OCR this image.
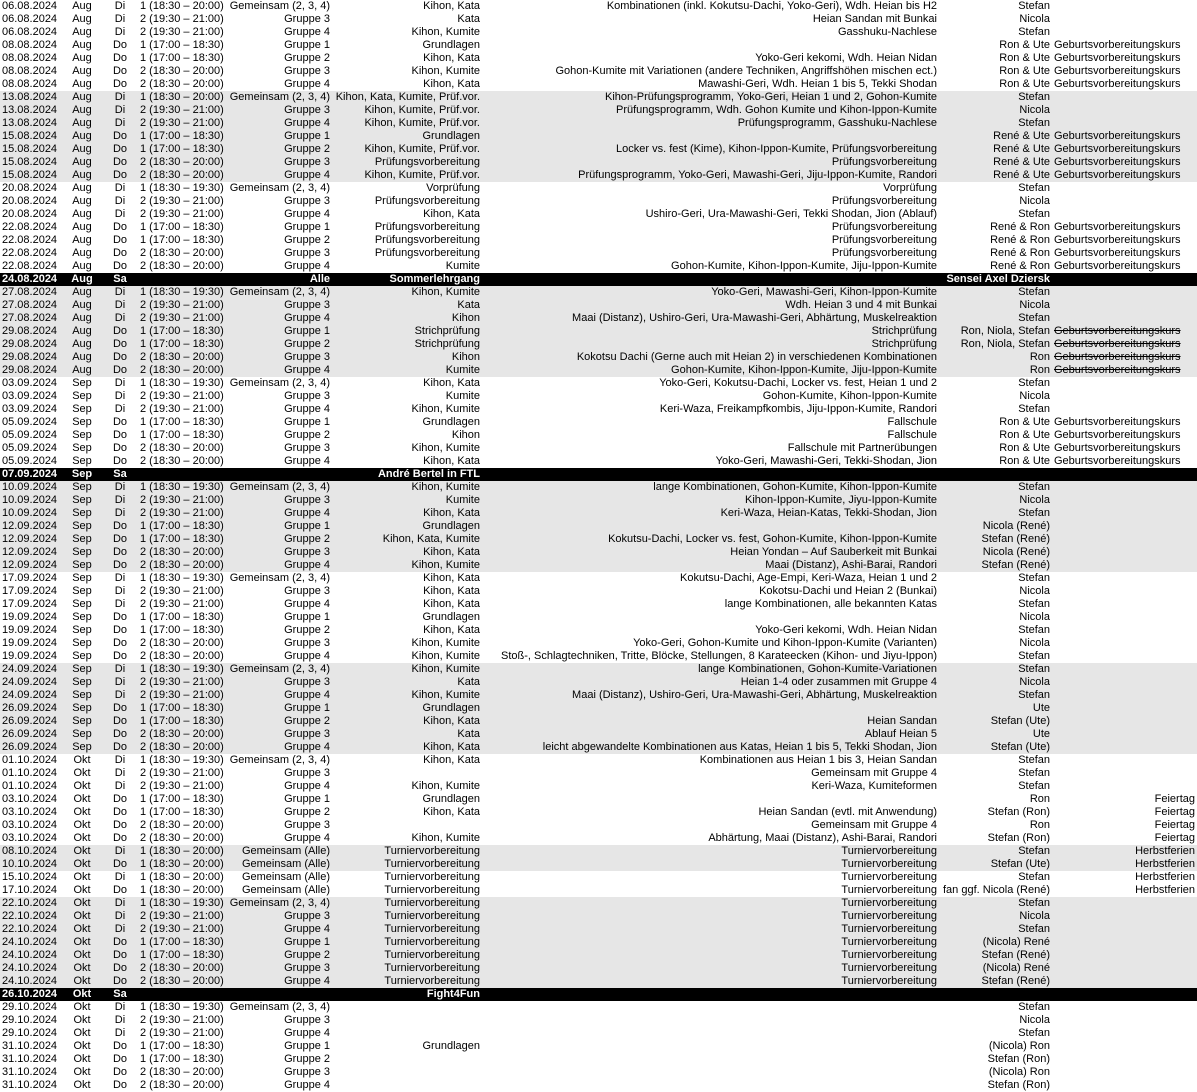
06.08.2024	Aug	Di	1 (18:30 – 20:00)	Gemeinsam (2, 3, 4)	Kihon, Kata	Kombinationen (inkl. Kokutsu-Dachi, Yoko-Geri), Wdh. Heian bis H2	Stefan	
06.08.2024	Aug	Di	2 (19:30 – 21:00)	Gruppe 3	Kata	Heian Sandan mit Bunkai	Nicola	
06.08.2024	Aug	Di	2 (19:30 – 21:00)	Gruppe 4	Kihon, Kumite	Gasshuku-Nachlese	Stefan	
08.08.2024	Aug	Do	1 (17:00 – 18:30)	Gruppe 1	Grundlagen		Ron & Ute	Geburtsvorbereitungskurs
08.08.2024	Aug	Do	1 (17:00 – 18:30)	Gruppe 2	Kihon, Kata	Yoko-Geri kekomi, Wdh. Heian Nidan	Ron & Ute	Geburtsvorbereitungskurs
08.08.2024	Aug	Do	2 (18:30 – 20:00)	Gruppe 3	Kihon, Kumite	Gohon-Kumite mit Variationen (andere Techniken, Angriffshöhen mischen ect.)	Ron & Ute	Geburtsvorbereitungskurs
08.08.2024	Aug	Do	2 (18:30 – 20:00)	Gruppe 4	Kihon, Kata	Mawashi-Geri, Wdh. Heian 1 bis 5, Tekki Shodan	Ron & Ute	Geburtsvorbereitungskurs
13.08.2024	Aug	Di	1 (18:30 – 20:00)	Gemeinsam (2, 3, 4)	Kihon, Kata, Kumite, Prüf.vor.	Kihon-Prüfungsprogramm, Yoko-Geri, Heian 1 und 2, Gohon-Kumite	Stefan	
13.08.2024	Aug	Di	2 (19:30 – 21:00)	Gruppe 3	Kihon, Kumite, Prüf.vor.	Prüfungsprogramm, Wdh. Gohon Kumite und Kihon-Ippon-Kumite	Nicola	
13.08.2024	Aug	Di	2 (19:30 – 21:00)	Gruppe 4	Kihon, Kumite, Prüf.vor.	Prüfungsprogramm, Gasshuku-Nachlese	Stefan	
15.08.2024	Aug	Do	1 (17:00 – 18:30)	Gruppe 1	Grundlagen		René & Ute	Geburtsvorbereitungskurs
15.08.2024	Aug	Do	1 (17:00 – 18:30)	Gruppe 2	Kihon, Kumite, Prüf.vor.	Locker vs. fest (Kime), Kihon-Ippon-Kumite, Prüfungsvorbereitung	René & Ute	Geburtsvorbereitungskurs
15.08.2024	Aug	Do	2 (18:30 – 20:00)	Gruppe 3	Prüfungsvorbereitung	Prüfungsvorbereitung	René & Ute	Geburtsvorbereitungskurs
15.08.2024	Aug	Do	2 (18:30 – 20:00)	Gruppe 4	Kihon, Kumite, Prüf.vor.	Prüfungsprogramm, Yoko-Geri, Mawashi-Geri, Jiju-Ippon-Kumite, Randori	René & Ute	Geburtsvorbereitungskurs
20.08.2024	Aug	Di	1 (18:30 – 19:30)	Gemeinsam (2, 3, 4)	Vorprüfung	Vorprüfung	Stefan	
20.08.2024	Aug	Di	2 (19:30 – 21:00)	Gruppe 3	Prüfungsvorbereitung	Prüfungsvorbereitung	Nicola	
20.08.2024	Aug	Di	2 (19:30 – 21:00)	Gruppe 4	Kihon, Kata	Ushiro-Geri, Ura-Mawashi-Geri, Tekki Shodan, Jion (Ablauf)	Stefan	
22.08.2024	Aug	Do	1 (17:00 – 18:30)	Gruppe 1	Prüfungsvorbereitung	Prüfungsvorbereitung	René & Ron	Geburtsvorbereitungskurs
22.08.2024	Aug	Do	1 (17:00 – 18:30)	Gruppe 2	Prüfungsvorbereitung	Prüfungsvorbereitung	René & Ron	Geburtsvorbereitungskurs
22.08.2024	Aug	Do	2 (18:30 – 20:00)	Gruppe 3	Prüfungsvorbereitung	Prüfungsvorbereitung	René & Ron	Geburtsvorbereitungskurs
22.08.2024	Aug	Do	2 (18:30 – 20:00)	Gruppe 4	Kumite	Gohon-Kumite, Kihon-Ippon-Kumite, Jiju-Ippon-Kumite	René & Ron	Geburtsvorbereitungskurs
24.08.2024	Aug	Sa		Alle	Sommerlehrgang		Sensei Axel Dziersk	
27.08.2024	Aug	Di	1 (18:30 – 19:30)	Gemeinsam (2, 3, 4)	Kihon, Kumite	Yoko-Geri, Mawashi-Geri, Kihon-Ippon-Kumite	Stefan	
27.08.2024	Aug	Di	2 (19:30 – 21:00)	Gruppe 3	Kata	Wdh. Heian 3 und 4 mit Bunkai	Nicola	
27.08.2024	Aug	Di	2 (19:30 – 21:00)	Gruppe 4	Kihon	Maai (Distanz), Ushiro-Geri, Ura-Mawashi-Geri, Abhärtung, Muskelreaktion	Stefan	
29.08.2024	Aug	Do	1 (17:00 – 18:30)	Gruppe 1	Strichprüfung	Strichprüfung	Ron, Niola, Stefan	Geburtsvorbereitungskurs
29.08.2024	Aug	Do	1 (17:00 – 18:30)	Gruppe 2	Strichprüfung	Strichprüfung	Ron, Niola, Stefan	Geburtsvorbereitungskurs
29.08.2024	Aug	Do	2 (18:30 – 20:00)	Gruppe 3	Kihon	Kokotsu Dachi (Gerne auch mit Heian 2) in verschiedenen Kombinationen	Ron	Geburtsvorbereitungskurs
29.08.2024	Aug	Do	2 (18:30 – 20:00)	Gruppe 4	Kumite	Gohon-Kumite, Kihon-Ippon-Kumite, Jiju-Ippon-Kumite	Ron	Geburtsvorbereitungskurs
03.09.2024	Sep	Di	1 (18:30 – 19:30)	Gemeinsam (2, 3, 4)	Kihon, Kata	Yoko-Geri, Kokutsu-Dachi, Locker vs. fest, Heian 1 und 2	Stefan	
03.09.2024	Sep	Di	2 (19:30 – 21:00)	Gruppe 3	Kumite	Gohon-Kumite, Kihon-Ippon-Kumite	Nicola	
03.09.2024	Sep	Di	2 (19:30 – 21:00)	Gruppe 4	Kihon, Kumite	Keri-Waza, Freikampfkombis, Jiju-Ippon-Kumite, Randori	Stefan	
05.09.2024	Sep	Do	1 (17:00 – 18:30)	Gruppe 1	Grundlagen	Fallschule	Ron & Ute	Geburtsvorbereitungskurs
05.09.2024	Sep	Do	1 (17:00 – 18:30)	Gruppe 2	Kihon	Fallschule	Ron & Ute	Geburtsvorbereitungskurs
05.09.2024	Sep	Do	2 (18:30 – 20:00)	Gruppe 3	Kihon, Kumite	Fallschule mit Partnerübungen	Ron & Ute	Geburtsvorbereitungskurs
05.09.2024	Sep	Do	2 (18:30 – 20:00)	Gruppe 4	Kihon, Kata	Yoko-Geri, Mawashi-Geri, Tekki-Shodan, Jion	Ron & Ute	Geburtsvorbereitungskurs
07.09.2024	Sep	Sa			André Bertel in FTL			
10.09.2024	Sep	Di	1 (18:30 – 19:30)	Gemeinsam (2, 3, 4)	Kihon, Kumite	lange Kombinationen, Gohon-Kumite, Kihon-Ippon-Kumite	Stefan	
10.09.2024	Sep	Di	2 (19:30 – 21:00)	Gruppe 3	Kumite	Kihon-Ippon-Kumite, Jiyu-Ippon-Kumite	Nicola	
10.09.2024	Sep	Di	2 (19:30 – 21:00)	Gruppe 4	Kihon, Kata	Keri-Waza, Heian-Katas, Tekki-Shodan, Jion	Stefan	
12.09.2024	Sep	Do	1 (17:00 – 18:30)	Gruppe 1	Grundlagen		Nicola (René)	
12.09.2024	Sep	Do	1 (17:00 – 18:30)	Gruppe 2	Kihon, Kata, Kumite	Kokutsu-Dachi, Locker vs. fest, Gohon-Kumite, Kihon-Ippon-Kumite	Stefan (René)	
12.09.2024	Sep	Do	2 (18:30 – 20:00)	Gruppe 3	Kihon, Kata	Heian Yondan – Auf Sauberkeit mit Bunkai	Nicola (René)	
12.09.2024	Sep	Do	2 (18:30 – 20:00)	Gruppe 4	Kihon, Kumite	Maai (Distanz), Ashi-Barai, Randori	Stefan (René)	
17.09.2024	Sep	Di	1 (18:30 – 19:30)	Gemeinsam (2, 3, 4)	Kihon, Kata	Kokutsu-Dachi, Age-Empi, Keri-Waza, Heian 1 und 2	Stefan	
17.09.2024	Sep	Di	2 (19:30 – 21:00)	Gruppe 3	Kihon, Kata	Kokotsu-Dachi und Heian 2 (Bunkai)	Nicola	
17.09.2024	Sep	Di	2 (19:30 – 21:00)	Gruppe 4	Kihon, Kata	lange Kombinationen, alle bekannten Katas	Stefan	
19.09.2024	Sep	Do	1 (17:00 – 18:30)	Gruppe 1	Grundlagen		Nicola	
19.09.2024	Sep	Do	1 (17:00 – 18:30)	Gruppe 2	Kihon, Kata	Yoko-Geri kekomi, Wdh. Heian Nidan	Stefan	
19.09.2024	Sep	Do	2 (18:30 – 20:00)	Gruppe 3	Kihon, Kumite	Yoko-Geri, Gohon-Kumite und Kihon-Ippon-Kumite (Varianten)	Nicola	
19.09.2024	Sep	Do	2 (18:30 – 20:00)	Gruppe 4	Kihon, Kumite	Stoß-, Schlagtechniken, Tritte, Blöcke, Stellungen, 8 Karateecken (Kihon- und Jiyu-Ippon)	Stefan	
24.09.2024	Sep	Di	1 (18:30 – 19:30)	Gemeinsam (2, 3, 4)	Kihon, Kumite	lange Kombinationen, Gohon-Kumite-Variationen	Stefan	
24.09.2024	Sep	Di	2 (19:30 – 21:00)	Gruppe 3	Kata	Heian 1-4 oder zusammen mit Gruppe 4	Nicola	
24.09.2024	Sep	Di	2 (19:30 – 21:00)	Gruppe 4	Kihon, Kumite	Maai (Distanz), Ushiro-Geri, Ura-Mawashi-Geri, Abhärtung, Muskelreaktion	Stefan	
26.09.2024	Sep	Do	1 (17:00 – 18:30)	Gruppe 1	Grundlagen		Ute	
26.09.2024	Sep	Do	1 (17:00 – 18:30)	Gruppe 2	Kihon, Kata	Heian Sandan	Stefan (Ute)	
26.09.2024	Sep	Do	2 (18:30 – 20:00)	Gruppe 3	Kata	Ablauf Heian 5	Ute	
26.09.2024	Sep	Do	2 (18:30 – 20:00)	Gruppe 4	Kihon, Kata	leicht abgewandelte Kombinationen aus Katas, Heian 1 bis 5, Tekki Shodan, Jion	Stefan (Ute)	
01.10.2024	Okt	Di	1 (18:30 – 19:30)	Gemeinsam (2, 3, 4)	Kihon, Kata	Kombinationen aus Heian 1 bis 3, Heian Sandan	Stefan	
01.10.2024	Okt	Di	2 (19:30 – 21:00)	Gruppe 3		Gemeinsam mit Gruppe 4	Stefan	
01.10.2024	Okt	Di	2 (19:30 – 21:00)	Gruppe 4	Kihon, Kumite	Keri-Waza, Kumiteformen	Stefan	
03.10.2024	Okt	Do	1 (17:00 – 18:30)	Gruppe 1	Grundlagen		Ron	Feiertag
03.10.2024	Okt	Do	1 (17:00 – 18:30)	Gruppe 2	Kihon, Kata	Heian Sandan (evtl. mit Anwendung)	Stefan (Ron)	Feiertag
03.10.2024	Okt	Do	2 (18:30 – 20:00)	Gruppe 3		Gemeinsam mit Gruppe 4	Ron	Feiertag
03.10.2024	Okt	Do	2 (18:30 – 20:00)	Gruppe 4	Kihon, Kumite	Abhärtung, Maai (Distanz), Ashi-Barai, Randori	Stefan (Ron)	Feiertag
08.10.2024	Okt	Di	1 (18:30 – 20:00)	Gemeinsam (Alle)	Turniervorbereitung	Turniervorbereitung	Stefan	Herbstferien
10.10.2024	Okt	Do	1 (18:30 – 20:00)	Gemeinsam (Alle)	Turniervorbereitung	Turniervorbereitung	Stefan (Ute)	Herbstferien
15.10.2024	Okt	Di	1 (18:30 – 20:00)	Gemeinsam (Alle)	Turniervorbereitung	Turniervorbereitung	Stefan	Herbstferien
17.10.2024	Okt	Do	1 (18:30 – 20:00)	Gemeinsam (Alle)	Turniervorbereitung	Turniervorbereitung	fan ggf. Nicola (René)	Herbstferien
22.10.2024	Okt	Di	1 (18:30 – 19:30)	Gemeinsam (2, 3, 4)	Turniervorbereitung	Turniervorbereitung	Stefan	
22.10.2024	Okt	Di	2 (19:30 – 21:00)	Gruppe 3	Turniervorbereitung	Turniervorbereitung	Nicola	
22.10.2024	Okt	Di	2 (19:30 – 21:00)	Gruppe 4	Turniervorbereitung	Turniervorbereitung	Stefan	
24.10.2024	Okt	Do	1 (17:00 – 18:30)	Gruppe 1	Turniervorbereitung	Turniervorbereitung	(Nicola) René	
24.10.2024	Okt	Do	1 (17:00 – 18:30)	Gruppe 2	Turniervorbereitung	Turniervorbereitung	Stefan (René)	
24.10.2024	Okt	Do	2 (18:30 – 20:00)	Gruppe 3	Turniervorbereitung	Turniervorbereitung	(Nicola) René	
24.10.2024	Okt	Do	2 (18:30 – 20:00)	Gruppe 4	Turniervorbereitung	Turniervorbereitung	Stefan (René)	
26.10.2024	Okt	Sa			Fight4Fun			
29.10.2024	Okt	Di	1 (18:30 – 19:30)	Gemeinsam (2, 3, 4)			Stefan	
29.10.2024	Okt	Di	2 (19:30 – 21:00)	Gruppe 3			Nicola	
29.10.2024	Okt	Di	2 (19:30 – 21:00)	Gruppe 4			Stefan	
31.10.2024	Okt	Do	1 (17:00 – 18:30)	Gruppe 1	Grundlagen		(Nicola) Ron	
31.10.2024	Okt	Do	1 (17:00 – 18:30)	Gruppe 2			Stefan (Ron)	
31.10.2024	Okt	Do	2 (18:30 – 20:00)	Gruppe 3			(Nicola) Ron	
31.10.2024	Okt	Do	2 (18:30 – 20:00)	Gruppe 4			Stefan (Ron)	
